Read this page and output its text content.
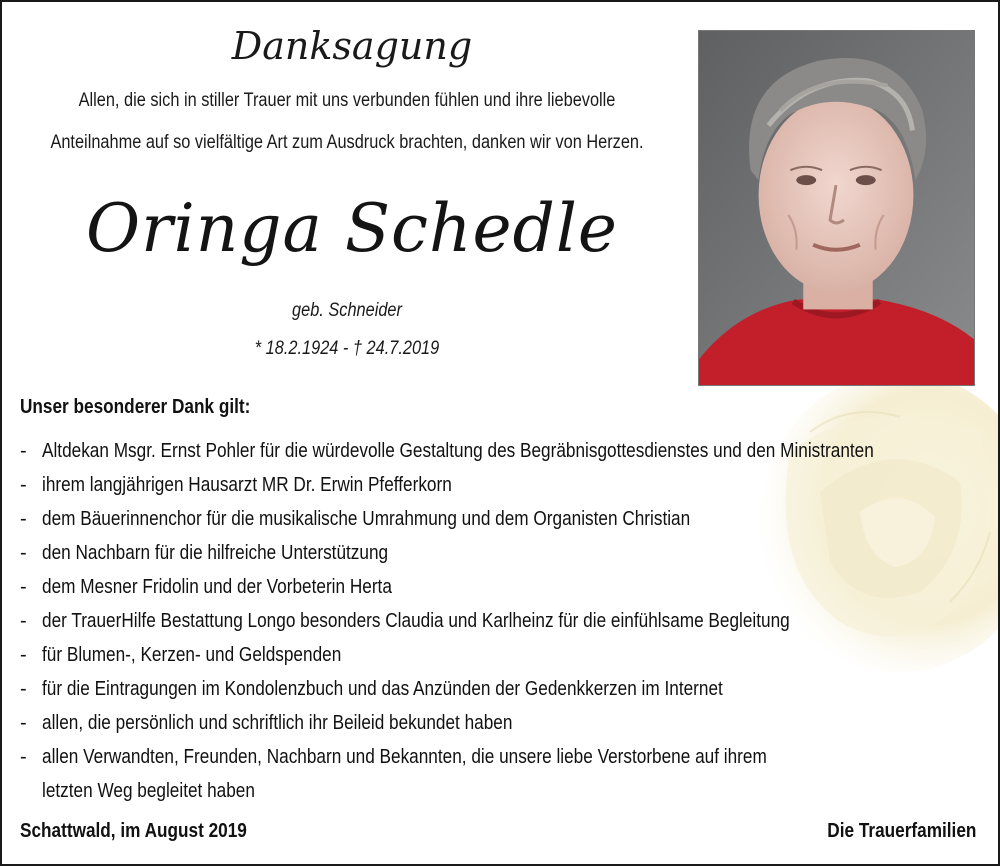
Danksagung
Allen, die sich in stiller Trauer mit uns verbunden fühlen und ihre liebevolle
Anteilnahme auf so vielfältige Art zum Ausdruck brachten, danken wir von Herzen.
Oringa Schedle
geb. Schneider
* 18.2.1924 - † 24.7.2019
Unser besonderer Dank gilt:
- Altdekan Msgr. Ernst Pohler für die würdevolle Gestaltung des Begräbnisgottesdienstes und den Ministranten
- ihrem langjährigen Hausarzt MR Dr. Erwin Pfefferkorn
- dem Bäuerinnenchor für die musikalische Umrahmung und dem Organisten Christian
- den Nachbarn für die hilfreiche Unterstützung
- dem Mesner Fridolin und der Vorbeterin Herta
- der TrauerHilfe Bestattung Longo besonders Claudia und Karlheinz für die einfühlsame Begleitung
- für Blumen-, Kerzen- und Geldspenden
- für die Eintragungen im Kondolenzbuch und das Anzünden der Gedenkkerzen im Internet
- allen, die persönlich und schriftlich ihr Beileid bekundet haben
- allen Verwandten, Freunden, Nachbarn und Bekannten, die unsere liebe Verstorbene auf ihrem
letzten Weg begleitet haben
Schattwald, im August 2019	Die Trauerfamilien
